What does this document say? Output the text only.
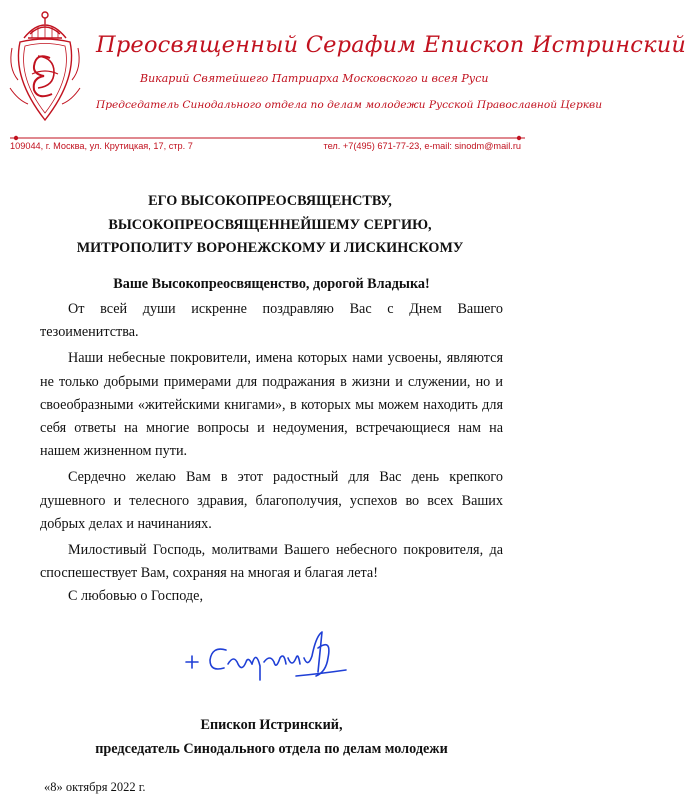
Преосвященный Серафим Епископ Истринский
Викарий Святейшего Патриарха Московского и всея Руси
Председатель Синодального отдела по делам молодежи Русской Православной Церкви
109044, г. Москва, ул. Крутицкая, 17, стр. 7	тел. +7(495) 671-77-23, e-mail: sinodm@mail.ru
ЕГО ВЫСОКОПРЕОСВЯЩЕНСТВУ,
ВЫСОКОПРЕОСВЯЩЕННЕЙШЕМУ СЕРГИЮ,
МИТРОПОЛИТУ ВОРОНЕЖСКОМУ И ЛИСКИНСКОМУ
Ваше Высокопреосвященство, дорогой Владыка!

От всей души искренне поздравляю Вас с Днем Вашего тезоименитства.

Наши небесные покровители, имена которых нами усвоены, являются не только добрыми примерами для подражания в жизни и служении, но и своеобразными «житейскими книгами», в которых мы можем находить для себя ответы на многие вопросы и недоумения, встречающиеся нам на нашем жизненном пути.

Сердечно желаю Вам в этот радостный для Вас день крепкого душевного и телесного здравия, благополучия, успехов во всех Ваших добрых делах и начинаниях.

Милостивый Господь, молитвами Вашего небесного покровителя, да споспешествует Вам, сохраняя на многая и благая лета!

С любовью о Господе,
Епископ Истринский,
председатель Синодального отдела по делам молодежи
«8» октября 2022 г.
